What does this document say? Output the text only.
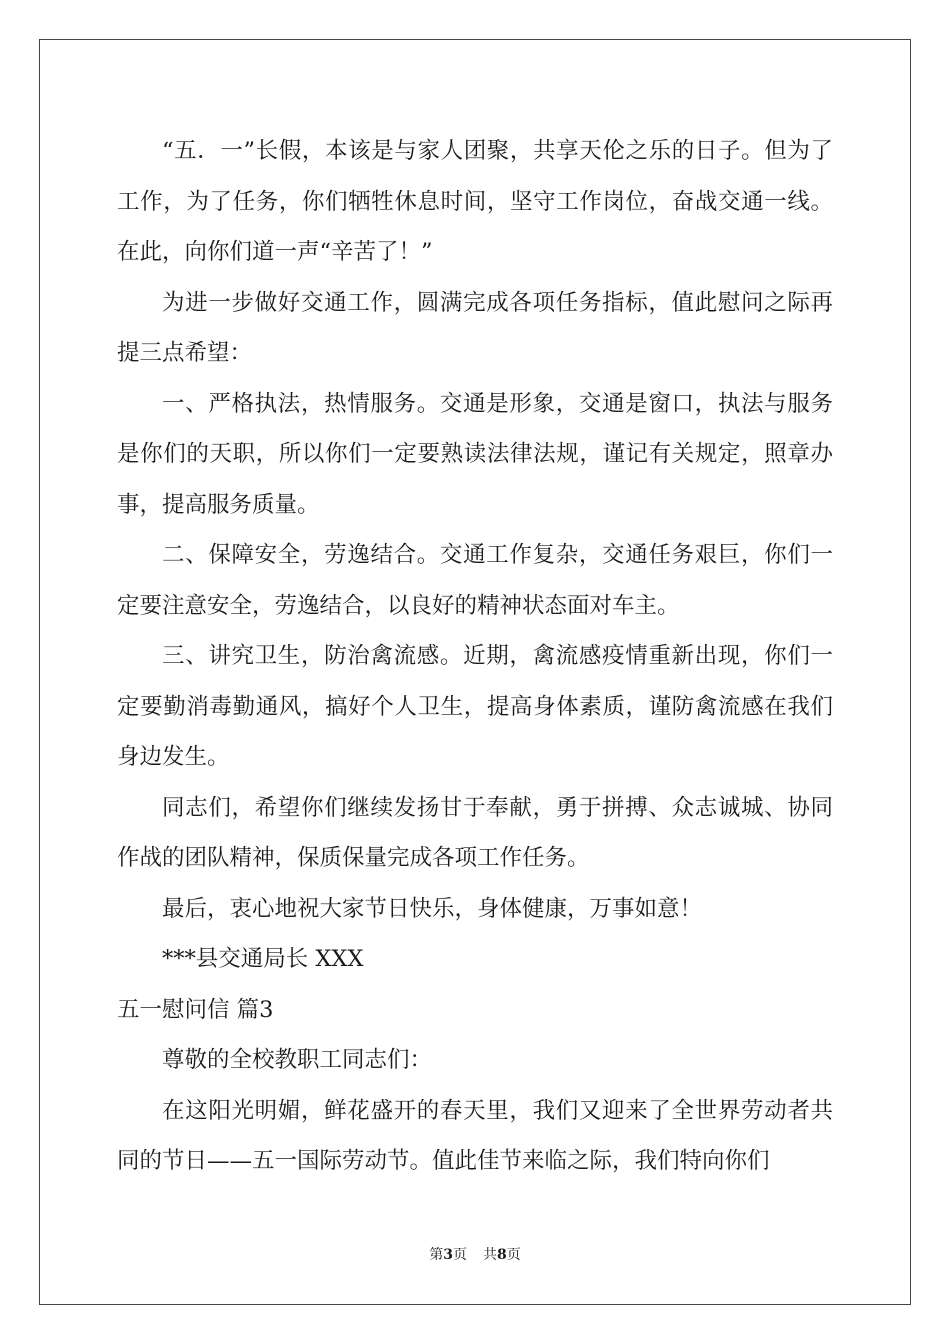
“五．一”长假，本该是与家人团聚，共享天伦之乐的日子。但为了工作，为了任务，你们牺牲休息时间，坚守工作岗位，奋战交通一线。在此，向你们道一声“辛苦了！”

为进一步做好交通工作，圆满完成各项任务指标，值此慰问之际再提三点希望：

一、严格执法，热情服务。交通是形象，交通是窗口，执法与服务是你们的天职，所以你们一定要熟读法律法规，谨记有关规定，照章办事，提高服务质量。

二、保障安全，劳逸结合。交通工作复杂，交通任务艰巨，你们一定要注意安全，劳逸结合，以良好的精神状态面对车主。

三、讲究卫生，防治禽流感。近期，禽流感疫情重新出现，你们一定要勤消毒勤通风，搞好个人卫生，提高身体素质，谨防禽流感在我们身边发生。

同志们，希望你们继续发扬甘于奉献，勇于拼搏、众志诚城、协同作战的团队精神，保质保量完成各项工作任务。

最后，衷心地祝大家节日快乐，身体健康，万事如意！

***县交通局长 XXX

五一慰问信 篇3

尊敬的全校教职工同志们：

在这阳光明媚，鲜花盛开的春天里，我们又迎来了全世界劳动者共同的节日——五一国际劳动节。值此佳节来临之际，我们特向你们

第3页 共8页
